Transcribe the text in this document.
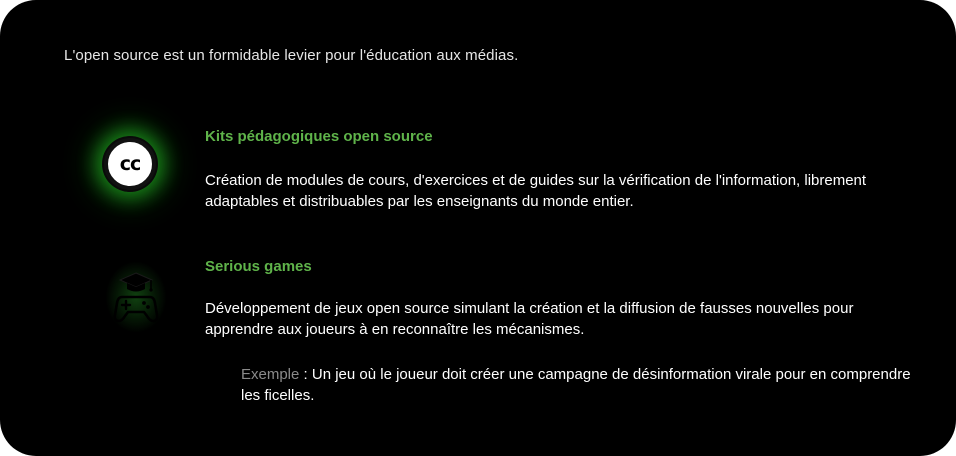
L'open source est un formidable levier pour l'éducation aux médias.
cc
Kits pédagogiques open source
Création de modules de cours, d'exercices et de guides sur la vérification de l'information, librement adaptables et distribuables par les enseignants du monde entier.
Serious games
Développement de jeux open source simulant la création et la diffusion de fausses nouvelles pour apprendre aux joueurs à en reconnaître les mécanismes.
Exemple : Un jeu où le joueur doit créer une campagne de désinformation virale pour en comprendre les ficelles.
